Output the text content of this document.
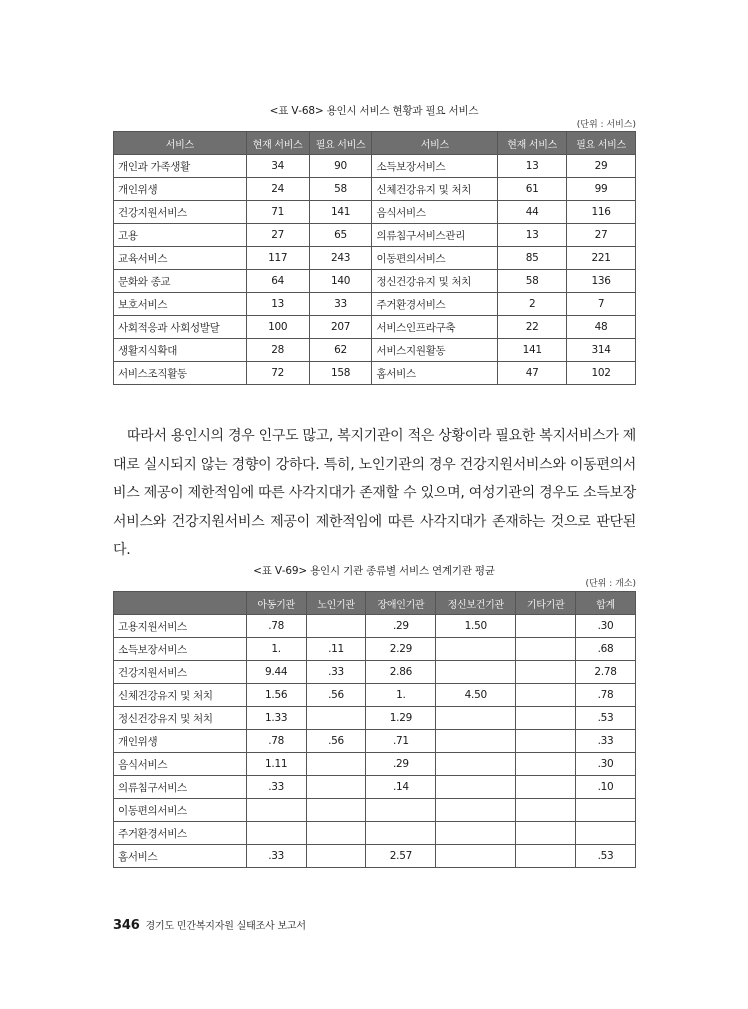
<표 Ⅴ-68> 용인시 서비스 현황과 필요 서비스
(단위 : 서비스)
서비스	현재 서비스	필요 서비스	서비스	현재 서비스	필요 서비스
개인과 가족생활	34	90	소득보장서비스	13	29
개인위생	24	58	신체건강유지 및 처치	61	99
건강지원서비스	71	141	음식서비스	44	116
고용	27	65	의류침구서비스관리	13	27
교육서비스	117	243	이동편의서비스	85	221
문화와 종교	64	140	정신건강유지 및 처치	58	136
보호서비스	13	33	주거환경서비스	2	7
사회적응과 사회성발달	100	207	서비스인프라구축	22	48
생활지식확대	28	62	서비스지원활동	141	314
서비스조직활동	72	158	홈서비스	47	102

따라서 용인시의 경우 인구도 많고, 복지기관이 적은 상황이라 필요한 복지서비스가 제대로 실시되지 않는 경향이 강하다. 특히, 노인기관의 경우 건강지원서비스와 이동편의서비스 제공이 제한적임에 따른 사각지대가 존재할 수 있으며, 여성기관의 경우도 소득보장서비스와 건강지원서비스 제공이 제한적임에 따른 사각지대가 존재하는 것으로 판단된다.

<표 Ⅴ-69> 용인시 기관 종류별 서비스 연계기관 평균
(단위 : 개소)
	아동기관	노인기관	장애인기관	정신보건기관	기타기관	합계
고용지원서비스	.78		.29	1.50		.30
소득보장서비스	1.	.11	2.29			.68
건강지원서비스	9.44	.33	2.86			2.78
신체건강유지 및 처치	1.56	.56	1.	4.50		.78
정신건강유지 및 처치	1.33		1.29			.53
개인위생	.78	.56	.71			.33
음식서비스	1.11		.29			.30
의류침구서비스	.33		.14			.10
이동편의서비스						
주거환경서비스						
홈서비스	.33		2.57			.53
346 경기도 민간복지자원 실태조사 보고서
